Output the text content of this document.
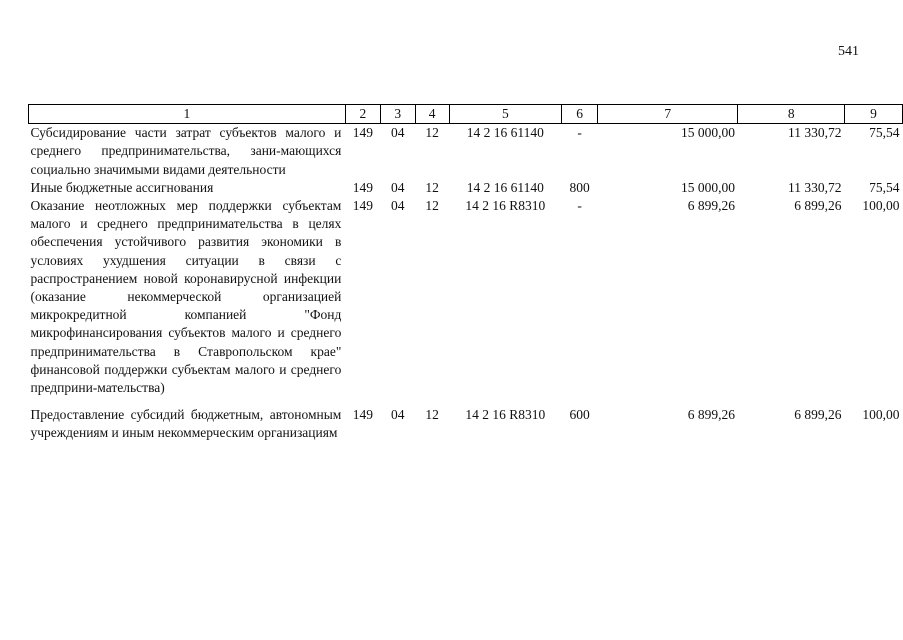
541
1	2	3	4	5	6	7	8	9
Субсидирование части затрат субъектов малого и среднего предпринимательства, зани-мающихся социально значимыми видами деятельности	149	04	12	14 2 16 61140	-	15 000,00	11 330,72	75,54
Иные бюджетные ассигнования	149	04	12	14 2 16 61140	800	15 000,00	11 330,72	75,54
Оказание неотложных мер поддержки субъектам малого и среднего предпринимательства в целях обеспечения устойчивого развития экономики в условиях ухудшения ситуации в связи с распространением новой коронавирусной инфекции (оказание некоммерческой организацией микрокредитной компанией "Фонд микрофинансирования субъектов малого и среднего предпринимательства в Ставропольском крае" финансовой поддержки субъектам малого и среднего предприни-мательства)	149	04	12	14 2 16 R8310	-	6 899,26	6 899,26	100,00

Предоставление субсидий бюджетным, автономным учреждениям и иным некоммерческим организациям	149	04	12	14 2 16 R8310	600	6 899,26	6 899,26	100,00
